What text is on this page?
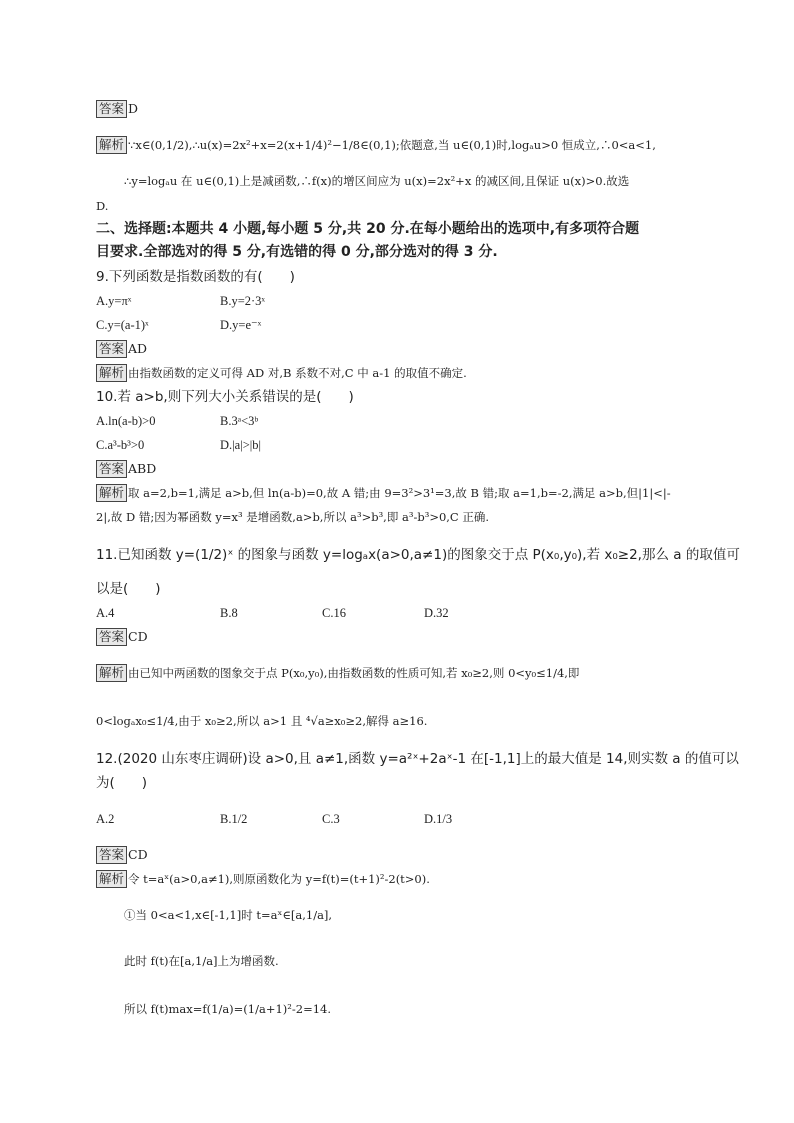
答案 D
解析 ∵x∈(0,1/2),∴u(x)=2x²+x=2(x+1/4)²−1/8∈(0,1);依题意,当 u∈(0,1)时,logₐu>0 恒成立,∴0<a<1,
∴y=logₐu 在 u∈(0,1)上是减函数,∴f(x)的增区间应为 u(x)=2x²+x 的减区间,且保证 u(x)>0.故选
D.
二、选择题:本题共 4 小题,每小题 5 分,共 20 分.在每小题给出的选项中,有多项符合题
目要求.全部选对的得 5 分,有选错的得 0 分,部分选对的得 3 分.
9.下列函数是指数函数的有(　　)
A.y=πˣ	B.y=2·3ˣ
C.y=(a-1)ˣ	D.y=e⁻ˣ
答案 AD
解析 由指数函数的定义可得 AD 对,B 系数不对,C 中 a-1 的取值不确定.
10.若 a>b,则下列大小关系错误的是(　　)
A.ln(a-b)>0	B.3ᵃ<3ᵇ
C.a³-b³>0	D.|a|>|b|
答案 ABD
解析 取 a=2,b=1,满足 a>b,但 ln(a-b)=0,故 A 错;由 9=3²>3¹=3,故 B 错;取 a=1,b=-2,满足 a>b,但|1|<|-
2|,故 D 错;因为幂函数 y=x³ 是增函数,a>b,所以 a³>b³,即 a³-b³>0,C 正确.
11.已知函数 y=(1/2)ˣ 的图象与函数 y=logₐx(a>0,a≠1)的图象交于点 P(x₀,y₀),若 x₀≥2,那么 a 的取值可
以是(　　)
A.4	B.8	C.16	D.32
答案 CD
解析 由已知中两函数的图象交于点 P(x₀,y₀),由指数函数的性质可知,若 x₀≥2,则 0<y₀≤1/4,即
0<logₐx₀≤1/4,由于 x₀≥2,所以 a>1 且 ⁴√a≥x₀≥2,解得 a≥16.
12.(2020 山东枣庄调研)设 a>0,且 a≠1,函数 y=a²ˣ+2aˣ-1 在[-1,1]上的最大值是 14,则实数 a 的值可以
为(　　)
A.2	B.1/2	C.3	D.1/3
答案 CD
解析 令 t=aˣ(a>0,a≠1),则原函数化为 y=f(t)=(t+1)²-2(t>0).
①当 0<a<1,x∈[-1,1]时 t=aˣ∈[a,1/a],
此时 f(t)在[a,1/a]上为增函数.
所以 f(t)max=f(1/a)=(1/a+1)²-2=14.
